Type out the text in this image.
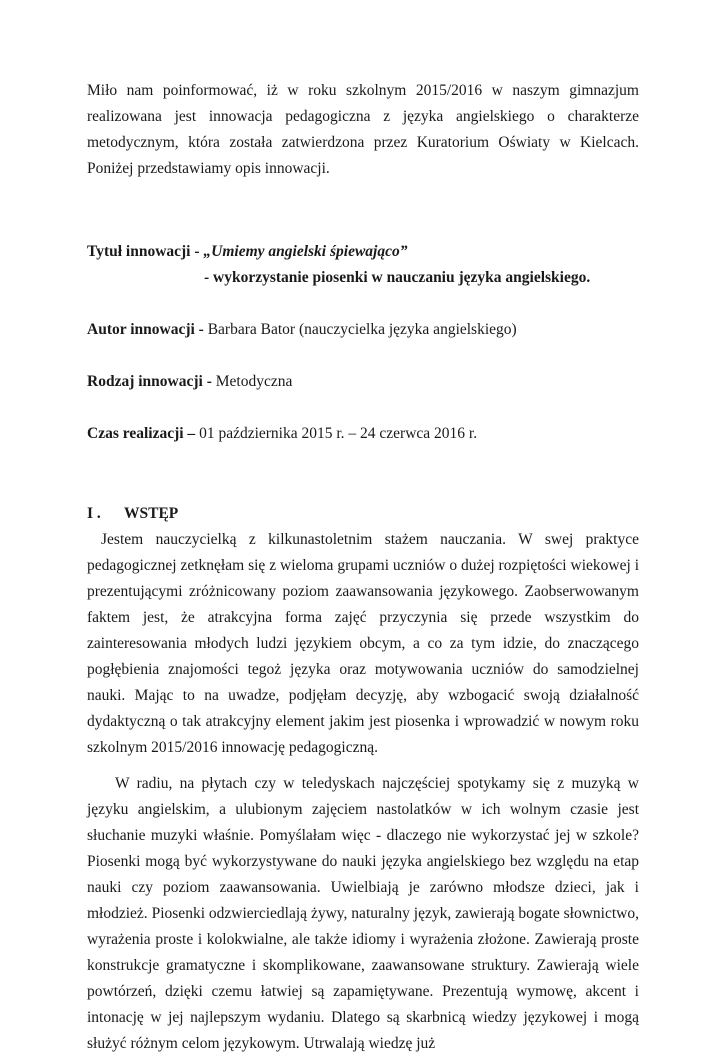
Miło nam poinformować, iż w roku szkolnym 2015/2016 w naszym gimnazjum realizowana jest innowacja pedagogiczna z języka angielskiego o charakterze metodycznym, która została zatwierdzona przez Kuratorium Oświaty w Kielcach. Poniżej przedstawiamy opis innowacji.

Tytuł innowacji - „Umiemy angielski śpiewająco”

- wykorzystanie piosenki w nauczaniu języka angielskiego.

Autor innowacji - Barbara Bator (nauczycielka języka angielskiego)

Rodzaj innowacji - Metodyczna

Czas realizacji – 01 października 2015 r. – 24 czerwca 2016 r.

I . WSTĘP

Jestem nauczycielką z kilkunastoletnim stażem nauczania. W swej praktyce pedagogicznej zetknęłam się z wieloma grupami uczniów o dużej rozpiętości wiekowej i prezentującymi zróżnicowany poziom zaawansowania językowego. Zaobserwowanym faktem jest, że atrakcyjna forma zajęć przyczynia się przede wszystkim do zainteresowania młodych ludzi językiem obcym, a co za tym idzie, do znaczącego pogłębienia znajomości tegoż języka oraz motywowania uczniów do samodzielnej nauki. Mając to na uwadze, podjęłam decyzję, aby wzbogacić swoją działalność dydaktyczną o tak atrakcyjny element jakim jest piosenka i wprowadzić w nowym roku szkolnym 2015/2016 innowację pedagogiczną.

W radiu, na płytach czy w teledyskach najczęściej spotykamy się z muzyką w języku angielskim, a ulubionym zajęciem nastolatków w ich wolnym czasie jest słuchanie muzyki właśnie. Pomyślałam więc - dlaczego nie wykorzystać jej w szkole? Piosenki mogą być wykorzystywane do nauki języka angielskiego bez względu na etap nauki czy poziom zaawansowania. Uwielbiają je zarówno młodsze dzieci, jak i młodzież. Piosenki odzwierciedlają żywy, naturalny język, zawierają bogate słownictwo, wyrażenia proste i kolokwialne, ale także idiomy i wyrażenia złożone. Zawierają proste konstrukcje gramatyczne i skomplikowane, zaawansowane struktury. Zawierają wiele powtórzeń, dzięki czemu łatwiej są zapamiętywane. Prezentują wymowę, akcent i intonację w jej najlepszym wydaniu. Dlatego są skarbnicą wiedzy językowej i mogą służyć różnym celom językowym. Utrwalają wiedzę już
